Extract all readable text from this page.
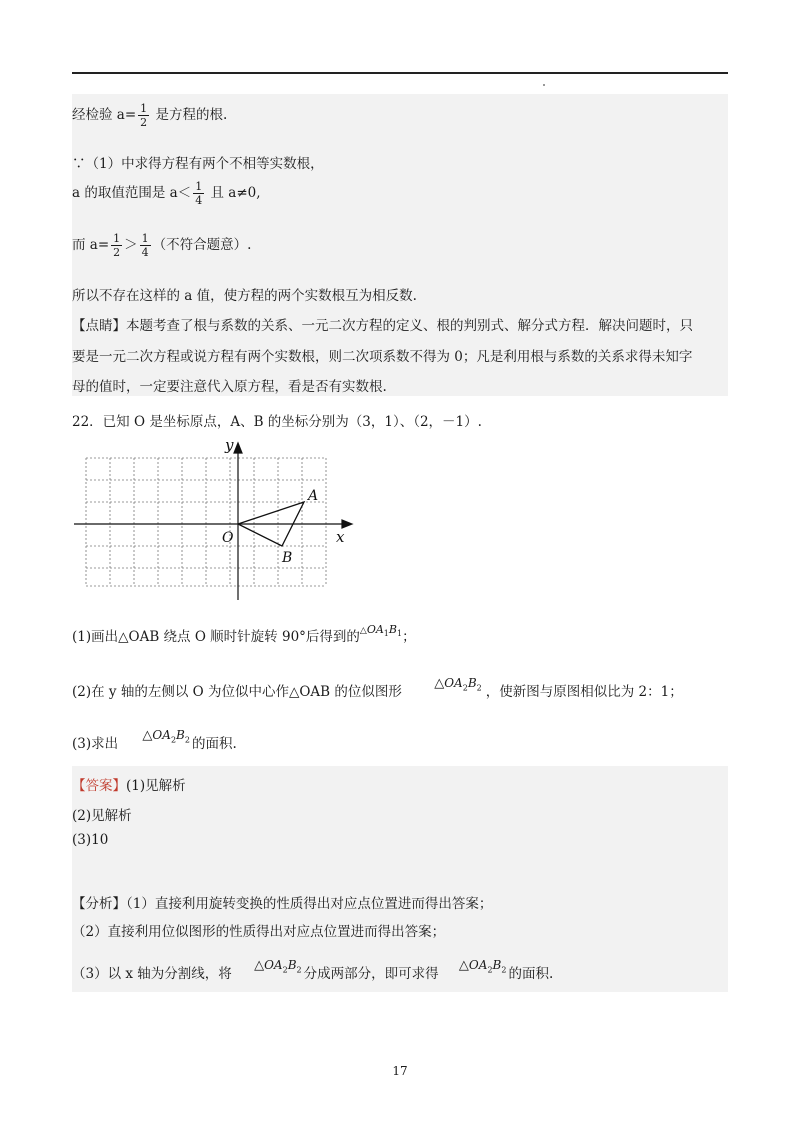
经检验 $a= \frac{1}{2}$ 是方程的根.
∵（1）中求得方程有两个不相等实数根，
a 的取值范围是 $a< \frac{1}{4}$ 且 a≠0,
而 $a= \frac{1}{2} > \frac{1}{4}$ （不符合题意）.
所以不存在这样的 a 值，使方程的两个实数根互为相反数.
【点睛】本题考查了根与系数的关系、一元二次方程的定义、根的判别式、解分式方程．解决问题时，只
要是一元二次方程或说方程有两个实数根，则二次项系数不得为 0；凡是利用根与系数的关系求得未知字
母的值时，一定要注意代入原方程，看是否有实数根.
22．已知 O 是坐标原点，A、B 的坐标分别为（3，1）、（2，－1）.
y
x
O
A
B
(1)画出△OAB 绕点 O 顺时针旋转 90°后得到的$^{\triangle OA_1B_1}$；
(2)在 y 轴的左侧以 O 为位似中心作△OAB 的位似图形 $\triangle OA_2B_2$ ，使新图与原图相似比为 2：1；
(3)求出 $\triangle OA_2B_2$ 的面积.
【答案】(1)见解析
(2)见解析
(3)10
【分析】（1）直接利用旋转变换的性质得出对应点位置进而得出答案；
（2）直接利用位似图形的性质得出对应点位置进而得出答案；
（3）以 x 轴为分割线，将 $\triangle OA_2B_2$ 分成两部分，即可求得 $\triangle OA_2B_2$ 的面积.
17
